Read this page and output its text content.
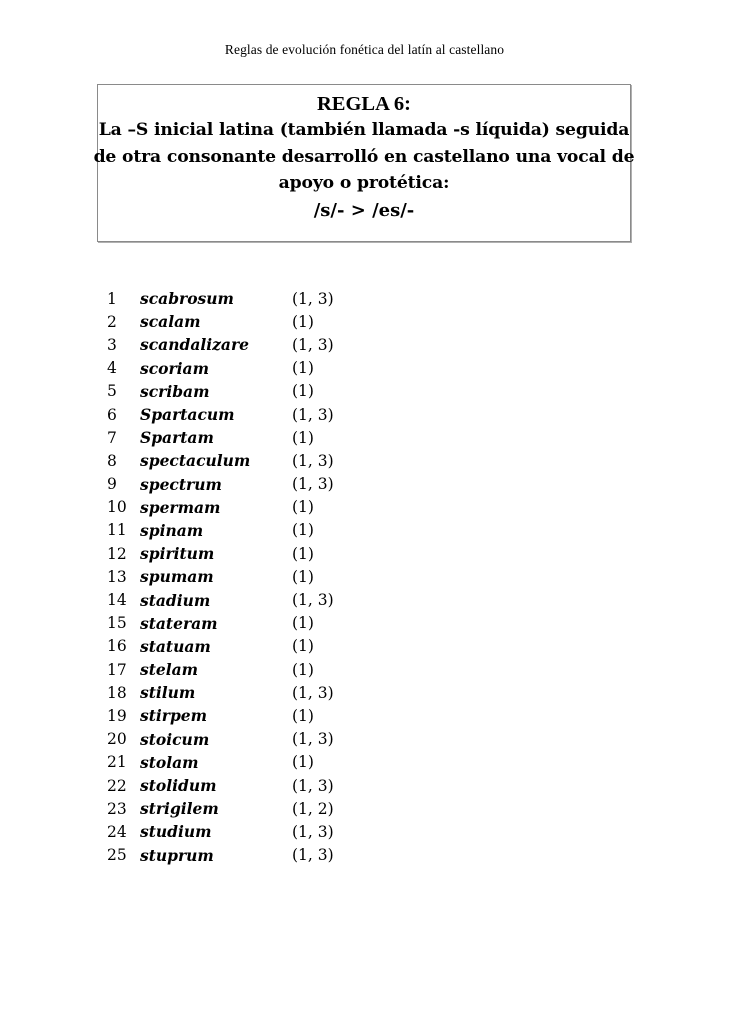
Reglas de evolución fonética del latín al castellano
REGLA 6:
La –S inicial latina (también llamada -s líquida) seguida de otra consonante desarrolló en castellano una vocal de apoyo o protética:
/s/- > /es/-
1	scabrosum	(1, 3)
2	scalam	(1)
3	scandalizare	(1, 3)
4	scoriam	(1)
5	scribam	(1)
6	Spartacum	(1, 3)
7	Spartam	(1)
8	spectaculum	(1, 3)
9	spectrum	(1, 3)
10 spermam	(1)
11 spinam	(1)
12 spiritum	(1)
13 spumam	(1)
14 stadium	(1, 3)
15 stateram	(1)
16 statuam	(1)
17 stelam	(1)
18 stilum	(1, 3)
19 stirpem	(1)
20 stoicum	(1, 3)
21 stolam	(1)
22 stolidum	(1, 3)
23 strigilem	(1, 2)
24 studium	(1, 3)
25 stuprum	(1, 3)
